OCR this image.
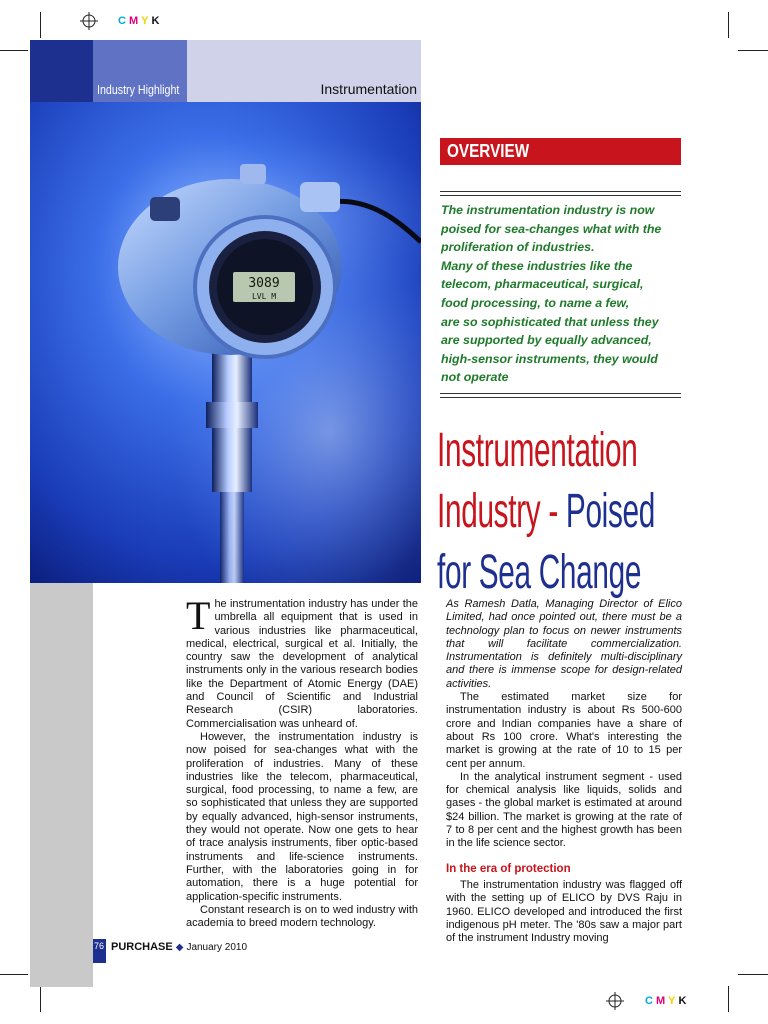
CMYK
CMYK
Industry Highlight	Instrumentation
3089
LVL M
OVERVIEW

The instrumentation industry is now

poised for sea-changes what with the

proliferation of industries.

Many of these industries like the

telecom, pharmaceutical, surgical,

food processing, to name a few,

are so sophisticated that unless they

are supported by equally advanced,

high-sensor instruments, they would

not operate

Instrumentation
Industry - Poised
for Sea Change
T he instrumentation industry has under the umbrella all equipment that is used in various industries like pharmaceutical, medical, electrical, surgical et al. Initially, the country saw the development of analytical instruments only in the various research bodies like the Department of Atomic Energy (DAE) and Council of Scientific and Industrial Research (CSIR) laboratories. Commercialisation was unheard of.

However, the instrumentation industry is now poised for sea-changes what with the proliferation of industries. Many of these industries like the telecom, pharmaceutical, surgical, food processing, to name a few, are so sophisticated that unless they are supported by equally advanced, high-sensor instruments, they would not operate. Now one gets to hear of trace analysis instruments, fiber optic-based instruments and life-science instruments. Further, with the laboratories going in for automation, there is a huge potential for application-specific instruments.

Constant research is on to wed industry with academia to breed modern technology.

As Ramesh Datla, Managing Director of Elico Limited, had once pointed out, there must be a technology plan to focus on newer instruments that will facilitate commercialization. Instrumentation is definitely multi-disciplinary and there is immense scope for design-related activities.

The estimated market size for instrumentation industry is about Rs 500-600 crore and Indian companies have a share of about Rs 100 crore. What's interesting the market is growing at the rate of 10 to 15 per cent per annum.

In the analytical instrument segment - used for chemical analysis like liquids, solids and gases - the global market is estimated at around $24 billion. The market is growing at the rate of 7 to 8 per cent and the highest growth has been in the life science sector.

In the era of protection

The instrumentation industry was flagged off with the setting up of ELICO by DVS Raju in 1960. ELICO developed and introduced the first indigenous pH meter. The '80s saw a major part of the instrument Industry moving

76 PURCHASE ◆ January 2010
